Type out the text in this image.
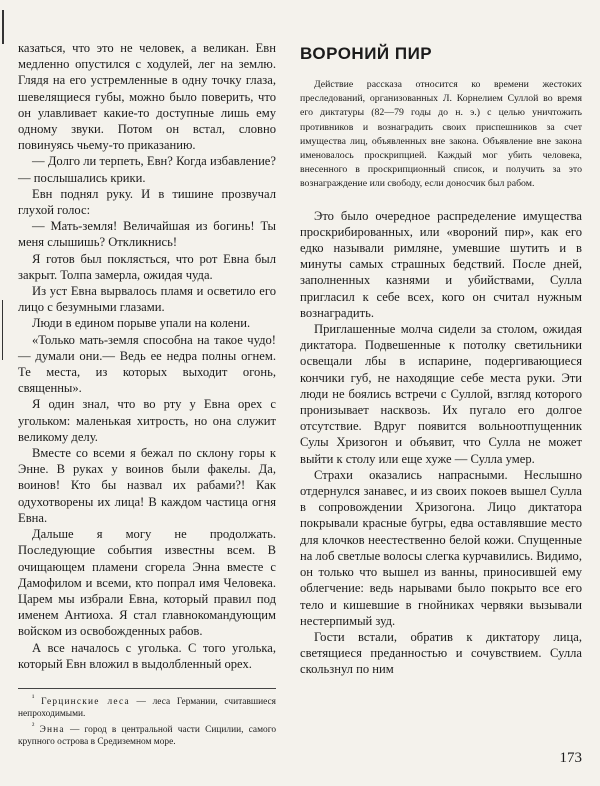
казаться, что это не человек, а великан. Евн медленно опустился с ходулей, лег на землю. Глядя на его устремленные в одну точку глаза, шевелящиеся губы, можно было поверить, что он улавливает какие-то доступные лишь ему одному звуки. Потом он встал, словно повинуясь чьему-то приказанию.

— Долго ли терпеть, Евн? Когда избавление? — послышались крики.

Евн поднял руку. И в тишине прозвучал глухой голос:

— Мать-земля! Величайшая из богинь! Ты меня слышишь? Откликнись!

Я готов был поклясться, что рот Евна был закрыт. Толпа замерла, ожидая чуда.

Из уст Евна вырвалось пламя и осветило его лицо с безумными глазами.

Люди в едином порыве упали на колени.

«Только мать-земля способна на такое чудо! — думали они.— Ведь ее недра полны огнем. Те места, из которых выходит огонь, священны».

Я один знал, что во рту у Евна орех с угольком: маленькая хитрость, но она служит великому делу.

Вместе со всеми я бежал по склону горы к Энне. В руках у воинов были факелы. Да, воинов! Кто бы назвал их рабами?! Как одухотворены их лица! В каждом частица огня Евна.

Дальше я могу не продолжать. Последующие события известны всем. В очищающем пламени сгорела Энна вместе с Дамофилом и всеми, кто попрал имя Человека. Царем мы избрали Евна, который правил под именем Антиоха. Я стал главнокомандующим войском из освобожденных рабов.

А все началось с уголька. С того уголька, который Евн вложил в выдолбленный орех.

$^{^1}$ Герцинские леса — леса Германии, считавшиеся непроходимыми.

$^{^2}$ Энна — город в центральной части Сицилии, самого крупного острова в Средиземном море.

ВОРОНИЙ ПИР

Действие рассказа относится ко времени жестоких преследований, организованных Л. Корнелием Суллой во время его диктатуры (82—79 годы до н. э.) с целью уничтожить противников и вознаградить своих приспешников за счет имущества лиц, объявленных вне закона. Объявление вне закона именовалось проскрипцией. Каждый мог убить человека, внесенного в проскрипционный список, и получить за это вознаграждение или свободу, если доносчик был рабом.

Это было очередное распределение имущества проскрибированных, или «вороний пир», как его едко называли римляне, умевшие шутить и в минуты самых страшных бедствий. После дней, заполненных казнями и убийствами, Сулла пригласил к себе всех, кого он считал нужным вознаградить.

Приглашенные молча сидели за столом, ожидая диктатора. Подвешенные к потолку светильники освещали лбы в испарине, подергивающиеся кончики губ, не находящие себе места руки. Эти люди не боялись встречи с Суллой, взгляд которого пронизывает насквозь. Их пугало его долгое отсутствие. Вдруг появится вольноотпущенник Сулы Хризогон и объявит, что Сулла не может выйти к столу или еще хуже — Сулла умер.

Страхи оказались напрасными. Неслышно отдернулся занавес, и из своих покоев вышел Сулла в сопровождении Хризогона. Лицо диктатора покрывали красные бугры, едва оставлявшие место для клочков неестественно белой кожи. Спущенные на лоб светлые волосы слегка курчавились. Видимо, он только что вышел из ванны, приносившей ему облегчение: ведь нарывами было покрыто все его тело и кишевшие в гнойниках червяки вызывали нестерпимый зуд.

Гости встали, обратив к диктатору лица, светящиеся преданностью и сочувствием. Сулла скользнул по ним

173
